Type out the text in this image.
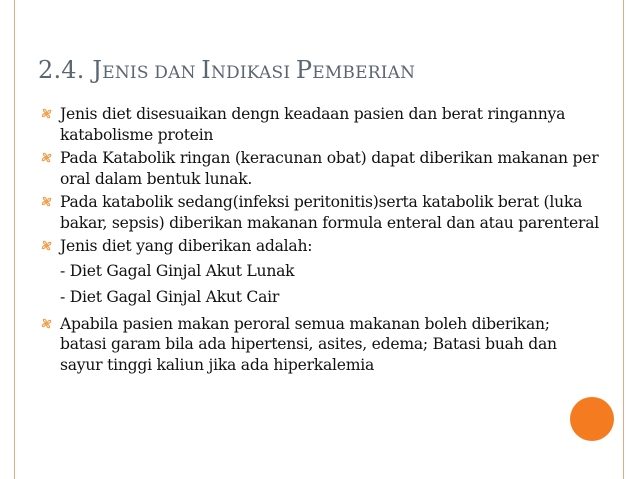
2.4. JENIS DAN INDIKASI PEMBERIAN
Jenis diet disesuaikan dengn keadaan pasien dan berat ringannya katabolisme protein
Pada Katabolik ringan (keracunan obat) dapat diberikan makanan per oral dalam bentuk lunak.
Pada katabolik sedang(infeksi peritonitis)serta katabolik berat (luka bakar, sepsis) diberikan makanan formula enteral dan atau parenteral
Jenis diet yang diberikan adalah:
- Diet Gagal Ginjal Akut Lunak
- Diet Gagal Ginjal Akut Cair
Apabila pasien makan peroral semua makanan boleh diberikan; batasi garam bila ada hipertensi, asites, edema; Batasi buah dan sayur tinggi kaliun jika ada hiperkalemia
